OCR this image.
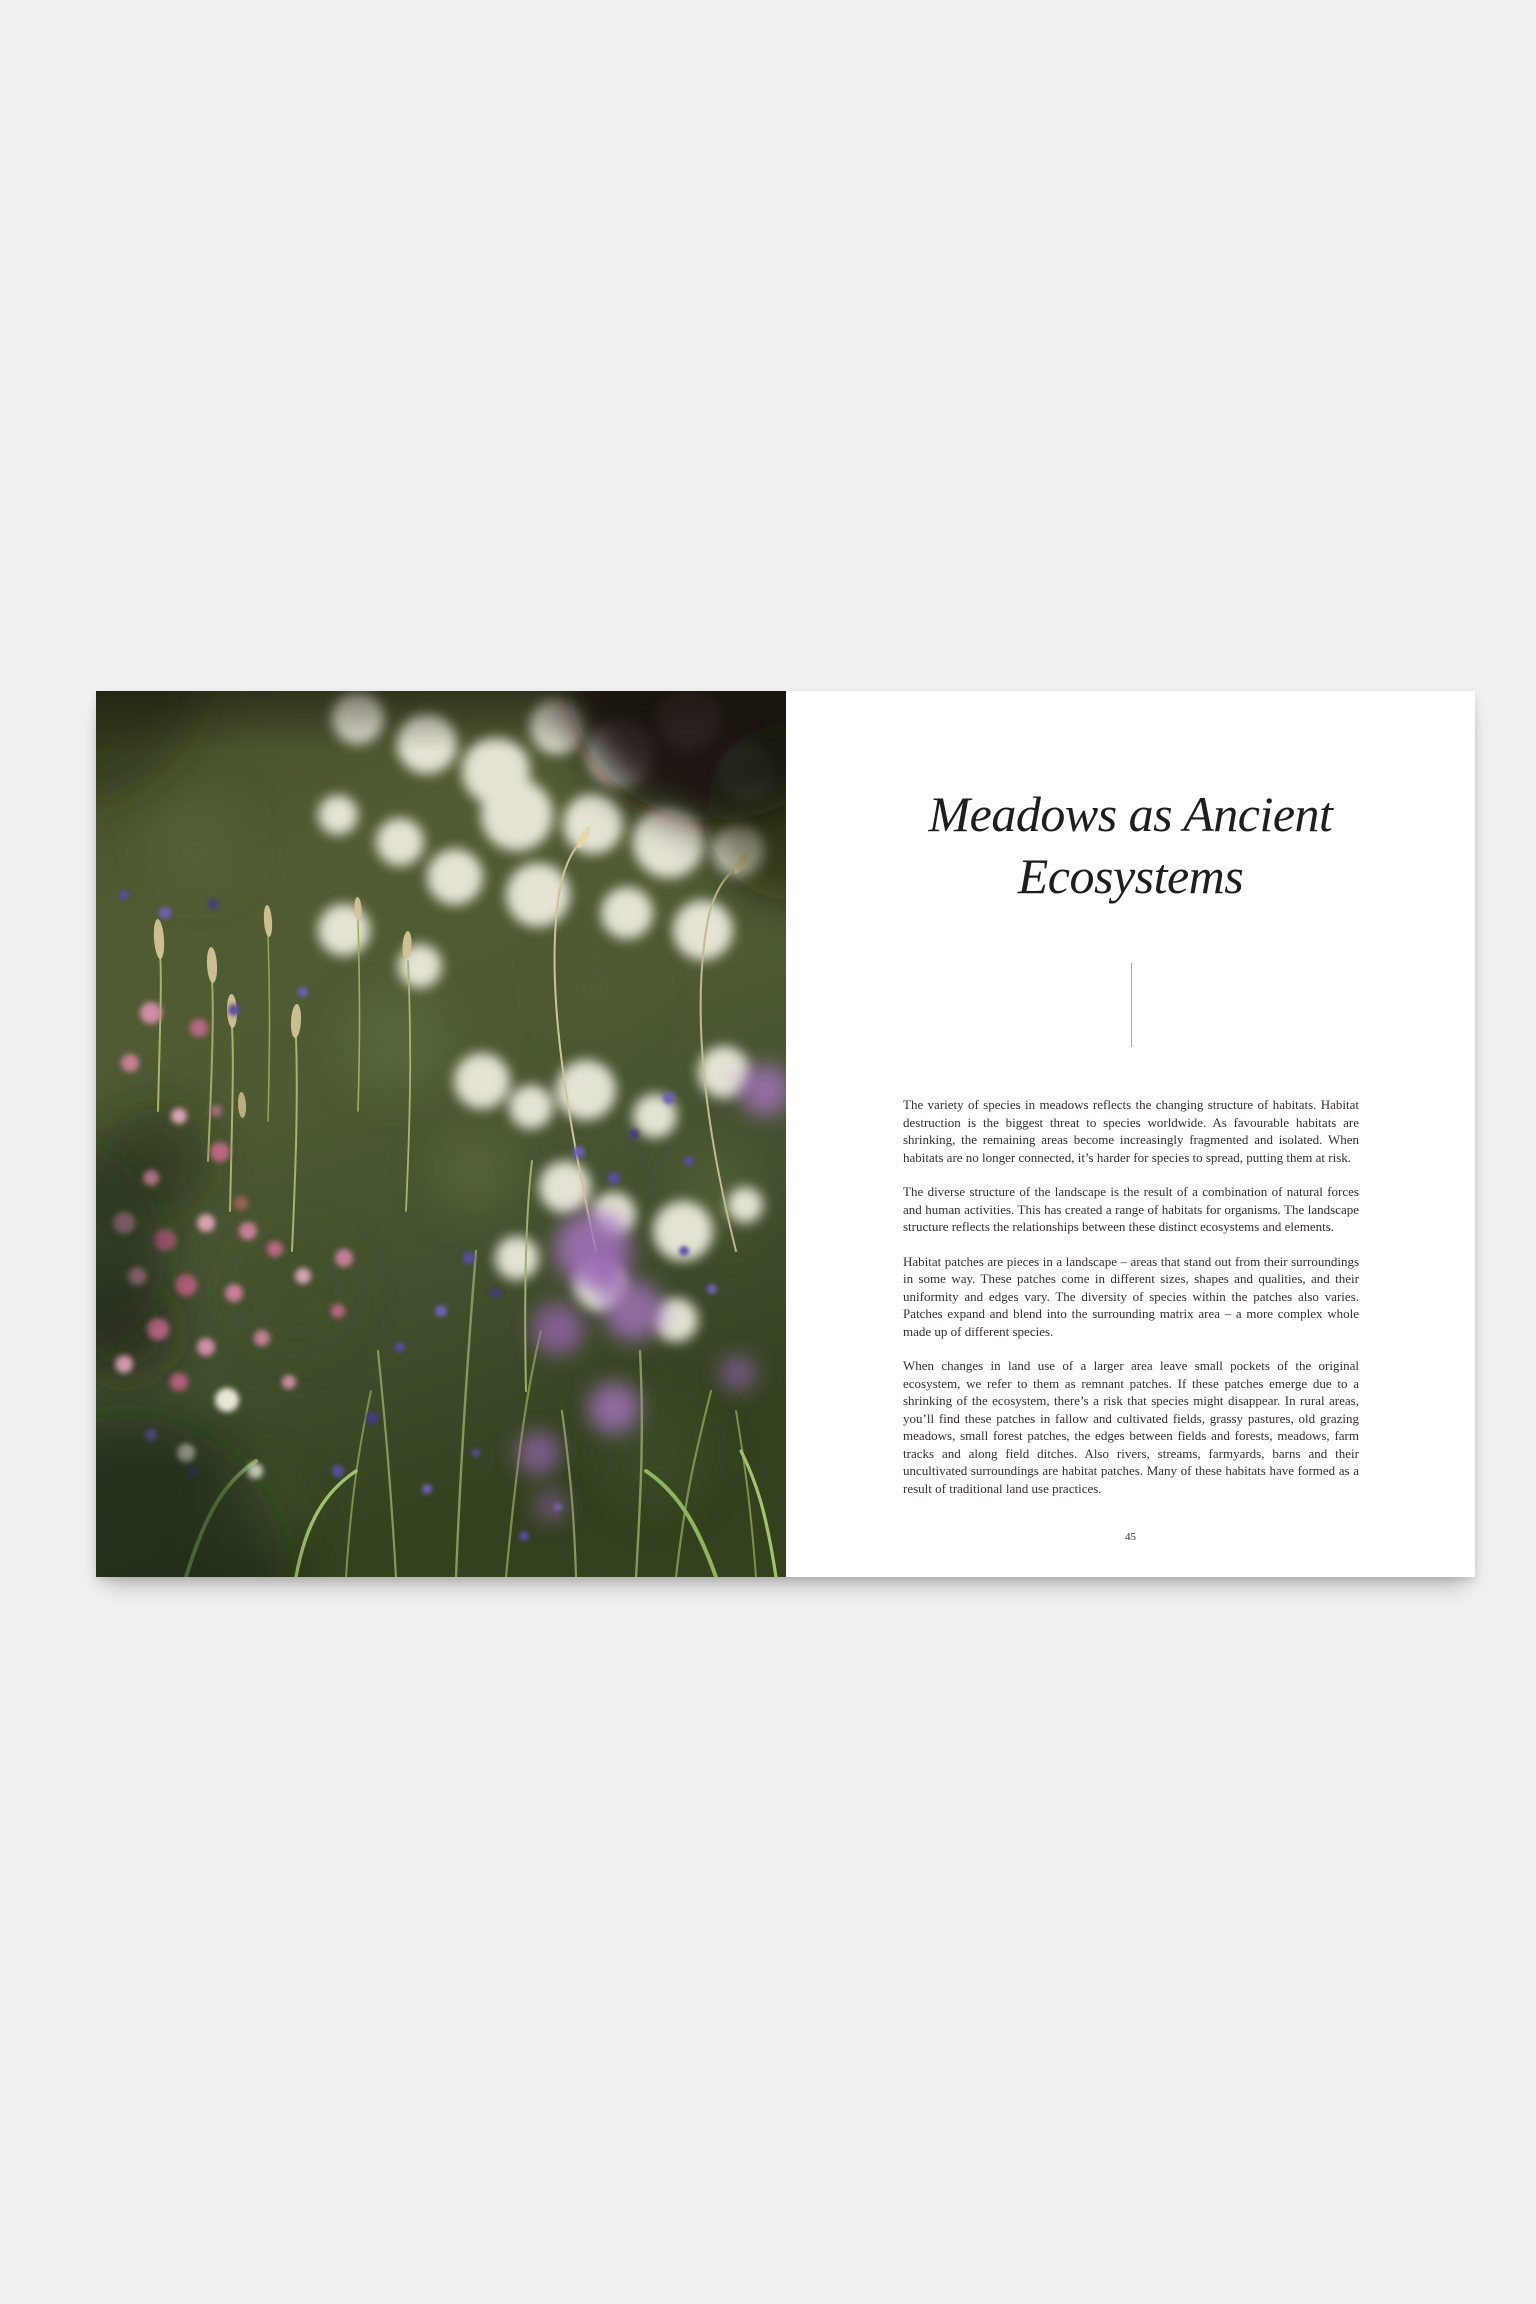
Meadows as Ancient
Ecosystems

The variety of species in meadows reflects the changing structure of habitats. Habitat destruction is the biggest threat to species worldwide. As favourable habitats are shrinking, the remaining areas become increasingly fragmented and isolated. When habitats are no longer connected, it’s harder for species to spread, putting them at risk.

The diverse structure of the landscape is the result of a combination of natural forces and human activities. This has created a range of habitats for organisms. The landscape structure reflects the relationships between these distinct ecosystems and elements.

Habitat patches are pieces in a landscape – areas that stand out from their surroundings in some way. These patches come in different sizes, shapes and qualities, and their uniformity and edges vary. The diversity of species within the patches also varies. Patches expand and blend into the surrounding matrix area – a more complex whole made up of different species.

When changes in land use of a larger area leave small pockets of the original ecosystem, we refer to them as remnant patches. If these patches emerge due to a shrinking of the ecosystem, there’s a risk that species might disappear. In rural areas, you’ll find these patches in fallow and cultivated fields, grassy pastures, old grazing meadows, small forest patches, the edges between fields and forests, meadows, farm tracks and along field ditches. Also rivers, streams, farmyards, barns and their uncultivated surroundings are habitat patches. Many of these habitats have formed as a result of traditional land use practices.

45
